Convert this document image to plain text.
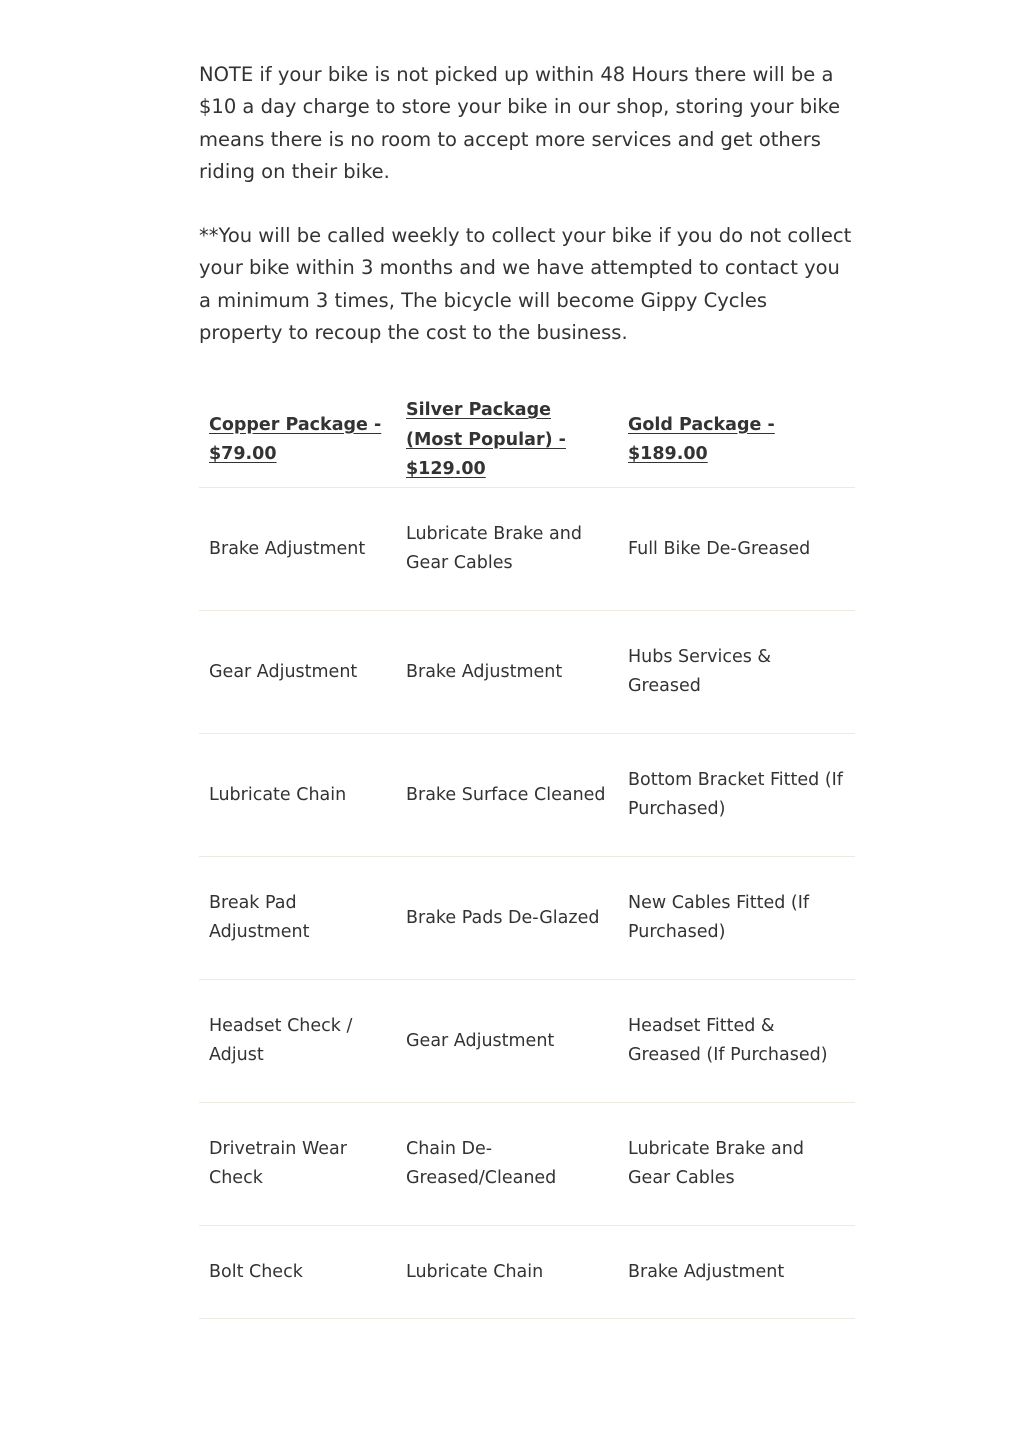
NOTE if your bike is not picked up within 48 Hours there will be a $10 a day charge to store your bike in our shop, storing your bike means there is no room to accept more services and get others riding on their bike.

**You will be called weekly to collect your bike if you do not collect your bike within 3 months and we have attempted to contact you a minimum 3 times, The bicycle will become Gippy Cycles property to recoup the cost to the business.

Copper Package - $79.00	Silver Package (Most Popular) - $129.00	Gold Package - $189.00
Brake Adjustment	Lubricate Brake and Gear Cables	Full Bike De-Greased
Gear Adjustment	Brake Adjustment	Hubs Services & Greased
Lubricate Chain	Brake Surface Cleaned	Bottom Bracket Fitted (If Purchased)
Break Pad Adjustment	Brake Pads De-Glazed	New Cables Fitted (If Purchased)
Headset Check / Adjust	Gear Adjustment	Headset Fitted & Greased (If Purchased)
Drivetrain Wear Check	Chain De-Greased/Cleaned	Lubricate Brake and Gear Cables
Bolt Check	Lubricate Chain	Brake Adjustment
